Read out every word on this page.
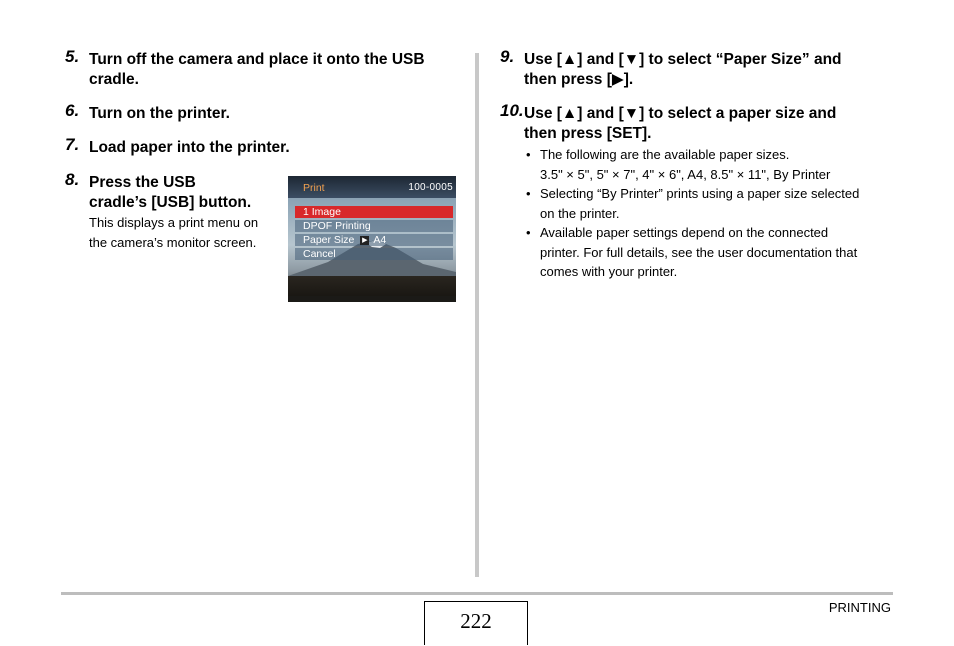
5. Turn off the camera and place it onto the USB
cradle.
6. Turn on the printer.
7. Load paper into the printer.
8. Press the USB
cradle’s [USB] button.
This displays a print menu on
the camera’s monitor screen.
Print	100-0005
1 Image
DPOF Printing
Paper Size ▶ A4
Cancel
9. Use [▲] and [▼] to select “Paper Size” and
then press [▶].
10. Use [▲] and [▼] to select a paper size and
then press [SET].
• The following are the available paper sizes.
3.5" × 5", 5" × 7", 4" × 6", A4, 8.5" × 11", By Printer
• Selecting “By Printer” prints using a paper size selected
on the printer.
• Available paper settings depend on the connected
printer. For full details, see the user documentation that
comes with your printer.
222
PRINTING
